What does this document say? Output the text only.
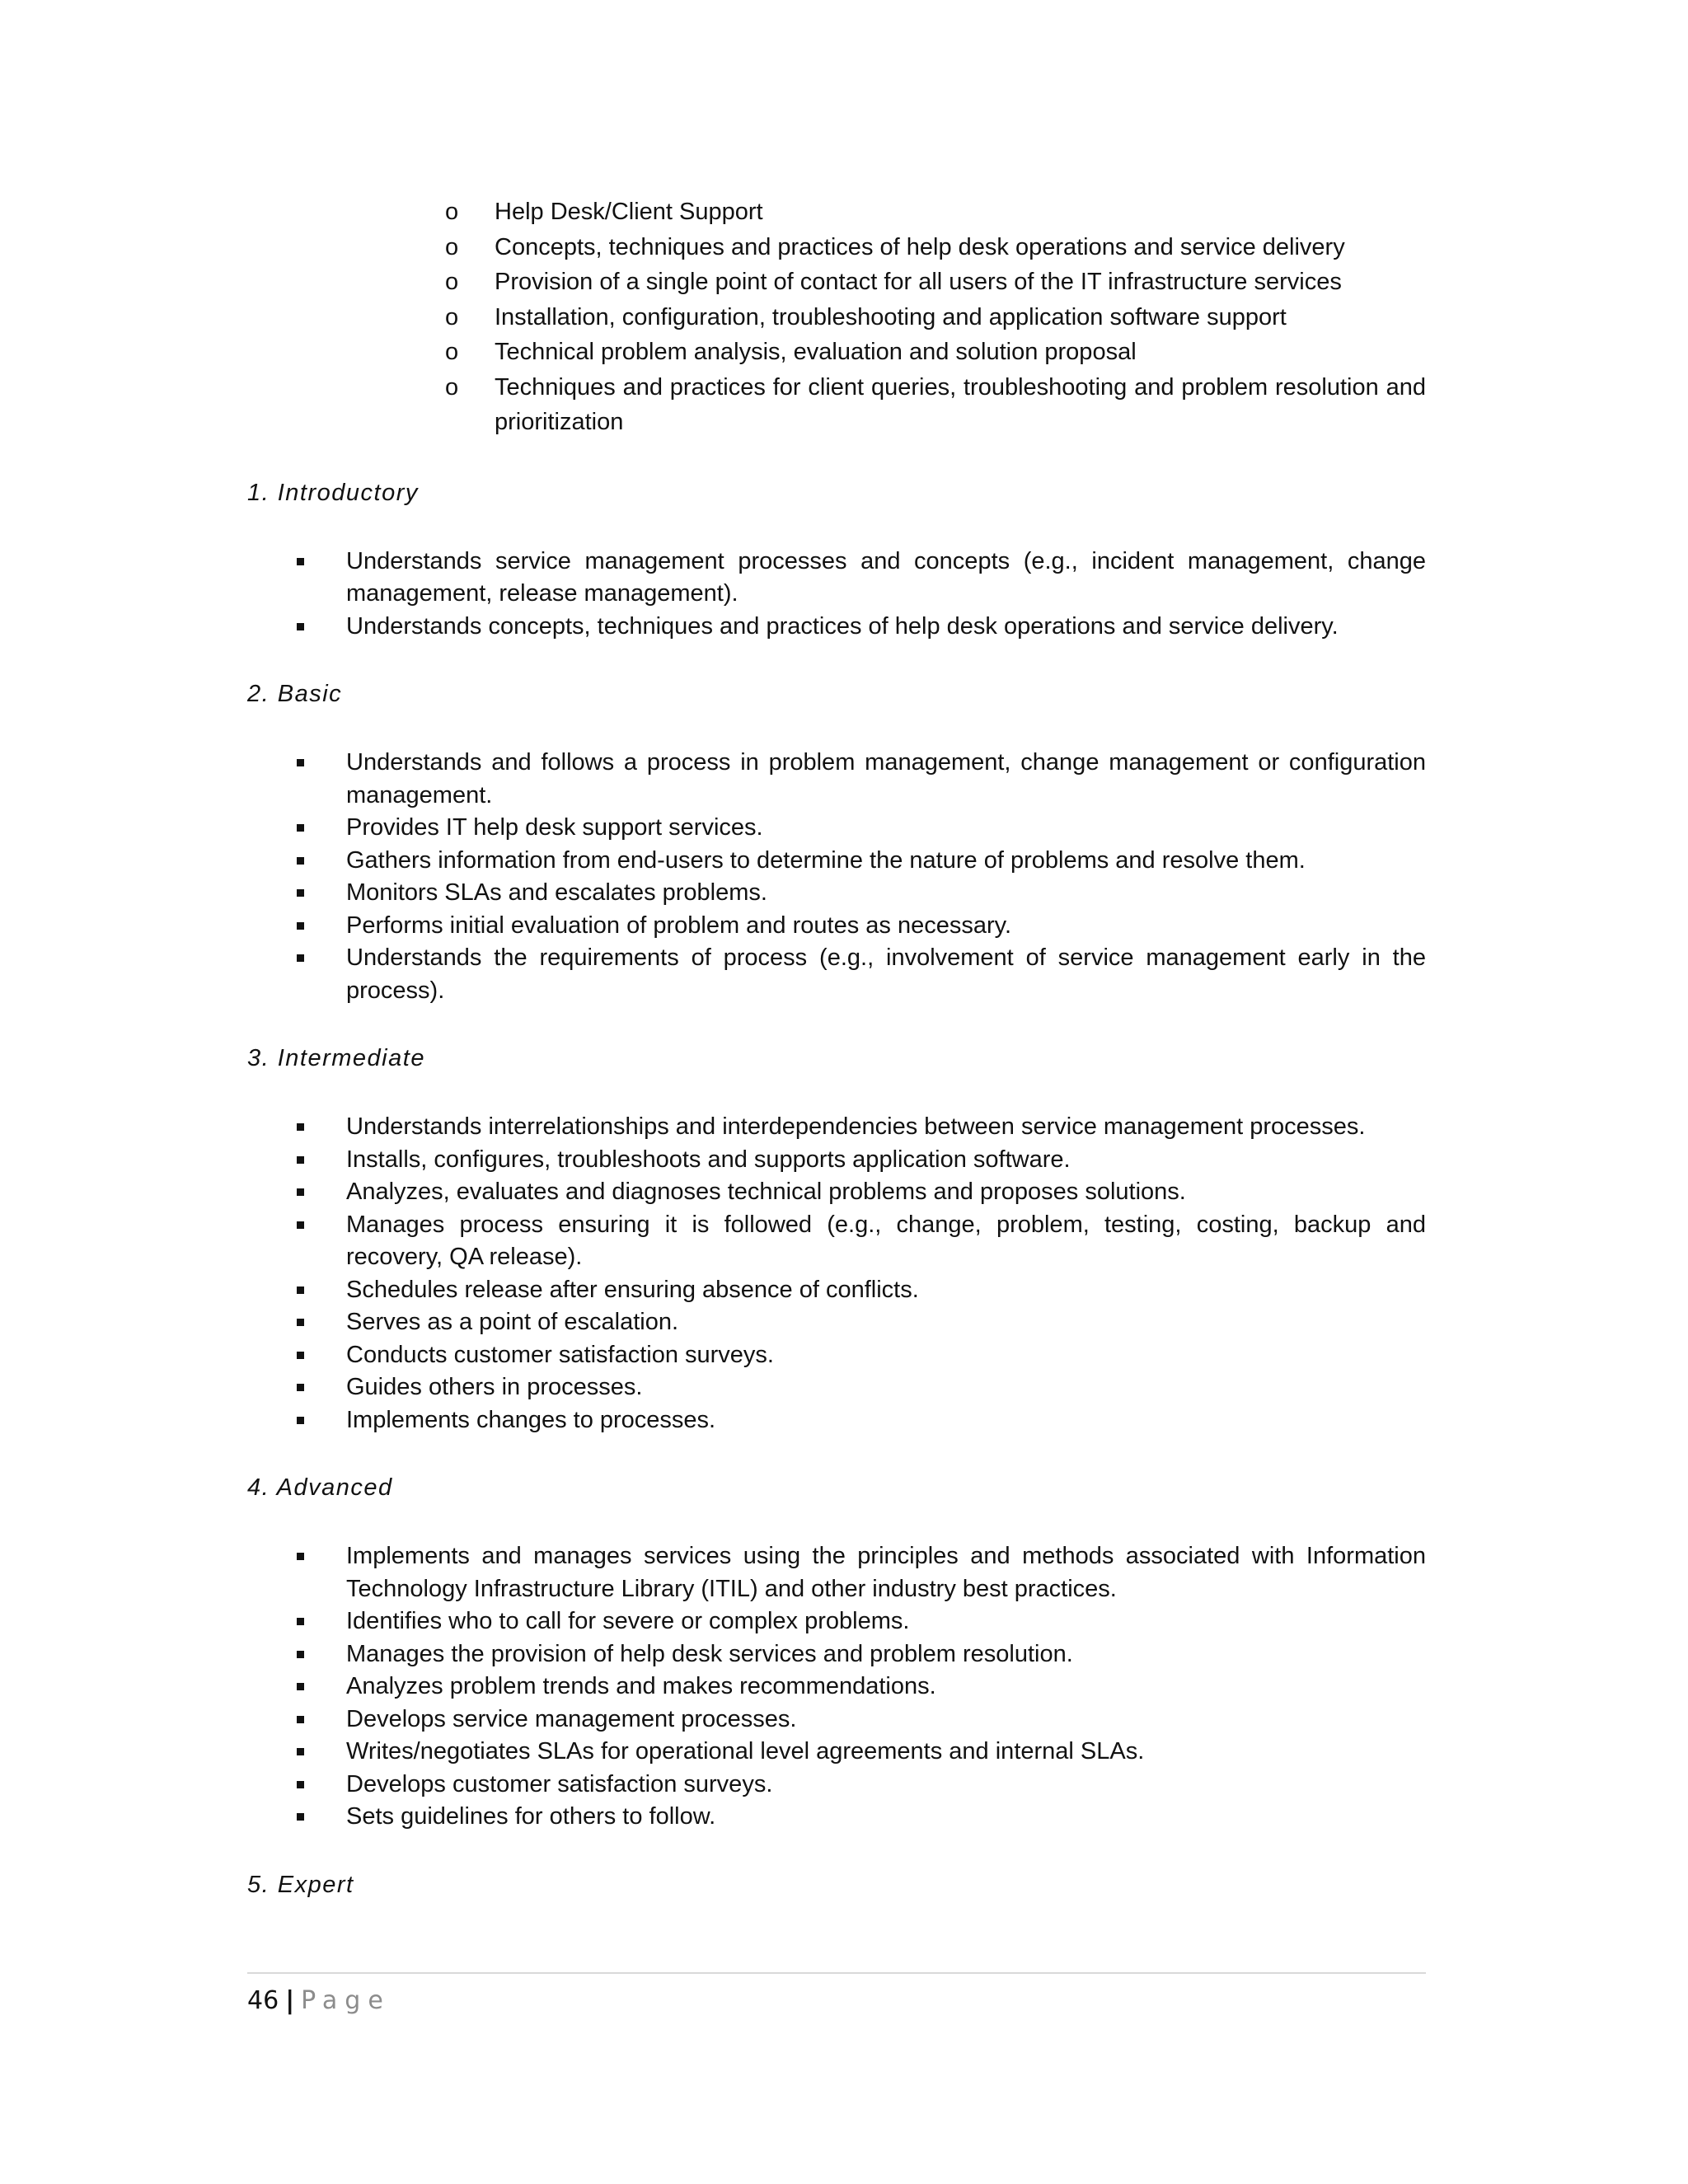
o	Help Desk/Client Support
o	Concepts, techniques and practices of help desk operations and service delivery
o	Provision of a single point of contact for all users of the IT infrastructure services
o	Installation, configuration, troubleshooting and application software support
o	Technical problem analysis, evaluation and solution proposal
o	Techniques and practices for client queries, troubleshooting and problem resolution and prioritization
1. Introductory
Understands service management processes and concepts (e.g., incident management, change management, release management).
Understands concepts, techniques and practices of help desk operations and service delivery.
2. Basic
Understands and follows a process in problem management, change management or configuration management.
Provides IT help desk support services.
Gathers information from end-users to determine the nature of problems and resolve them.
Monitors SLAs and escalates problems.
Performs initial evaluation of problem and routes as necessary.
Understands the requirements of process (e.g., involvement of service management early in the process).
3. Intermediate
Understands interrelationships and interdependencies between service management processes.
Installs, configures, troubleshoots and supports application software.
Analyzes, evaluates and diagnoses technical problems and proposes solutions.
Manages process ensuring it is followed (e.g., change, problem, testing, costing, backup and recovery, QA release).
Schedules release after ensuring absence of conflicts.
Serves as a point of escalation.
Conducts customer satisfaction surveys.
Guides others in processes.
Implements changes to processes.
4. Advanced
Implements and manages services using the principles and methods associated with Information Technology Infrastructure Library (ITIL) and other industry best practices.
Identifies who to call for severe or complex problems.
Manages the provision of help desk services and problem resolution.
Analyzes problem trends and makes recommendations.
Develops service management processes.
Writes/negotiates SLAs for operational level agreements and internal SLAs.
Develops customer satisfaction surveys.
Sets guidelines for others to follow.
5. Expert
46 | Page
